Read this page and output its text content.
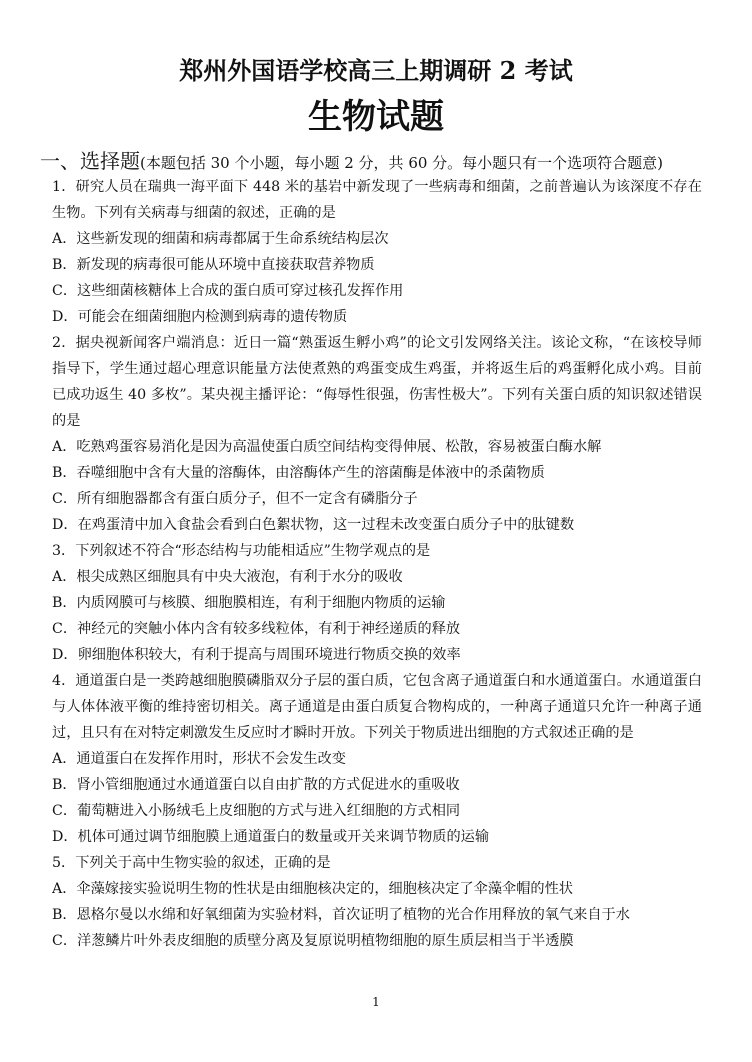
郑州外国语学校高三上期调研 2 考试
生物试题
一、选择题(本题包括 30 个小题，每小题 2 分，共 60 分。每小题只有一个选项符合题意)
1．研究人员在瑞典一海平面下 448 米的基岩中新发现了一些病毒和细菌，之前普遍认为该深度不存在生物。下列有关病毒与细菌的叙述，正确的是
A．这些新发现的细菌和病毒都属于生命系统结构层次
B．新发现的病毒很可能从环境中直接获取营养物质
C．这些细菌核糖体上合成的蛋白质可穿过核孔发挥作用
D．可能会在细菌细胞内检测到病毒的遗传物质
2．据央视新闻客户端消息：近日一篇“熟蛋返生孵小鸡”的论文引发网络关注。该论文称，“在该校导师指导下，学生通过超心理意识能量方法使煮熟的鸡蛋变成生鸡蛋，并将返生后的鸡蛋孵化成小鸡。目前已成功返生 40 多枚”。某央视主播评论：“侮辱性很强，伤害性极大”。下列有关蛋白质的知识叙述错误的是
A．吃熟鸡蛋容易消化是因为高温使蛋白质空间结构变得伸展、松散，容易被蛋白酶水解
B．吞噬细胞中含有大量的溶酶体，由溶酶体产生的溶菌酶是体液中的杀菌物质
C．所有细胞器都含有蛋白质分子，但不一定含有磷脂分子
D．在鸡蛋清中加入食盐会看到白色絮状物，这一过程未改变蛋白质分子中的肽键数
3．下列叙述不符合“形态结构与功能相适应”生物学观点的是
A．根尖成熟区细胞具有中央大液泡，有利于水分的吸收
B．内质网膜可与核膜、细胞膜相连，有利于细胞内物质的运输
C．神经元的突触小体内含有较多线粒体，有利于神经递质的释放
D．卵细胞体积较大，有利于提高与周围环境进行物质交换的效率
4．通道蛋白是一类跨越细胞膜磷脂双分子层的蛋白质，它包含离子通道蛋白和水通道蛋白。水通道蛋白与人体体液平衡的维持密切相关。离子通道是由蛋白质复合物构成的，一种离子通道只允许一种离子通过，且只有在对特定刺激发生反应时才瞬时开放。下列关于物质进出细胞的方式叙述正确的是
A．通道蛋白在发挥作用时，形状不会发生改变
B．肾小管细胞通过水通道蛋白以自由扩散的方式促进水的重吸收
C．葡萄糖进入小肠绒毛上皮细胞的方式与进入红细胞的方式相同
D．机体可通过调节细胞膜上通道蛋白的数量或开关来调节物质的运输
5．下列关于高中生物实验的叙述，正确的是
A．伞藻嫁接实验说明生物的性状是由细胞核决定的，细胞核决定了伞藻伞帽的性状
B．恩格尔曼以水绵和好氧细菌为实验材料，首次证明了植物的光合作用释放的氧气来自于水
C．洋葱鳞片叶外表皮细胞的质壁分离及复原说明植物细胞的原生质层相当于半透膜
1
